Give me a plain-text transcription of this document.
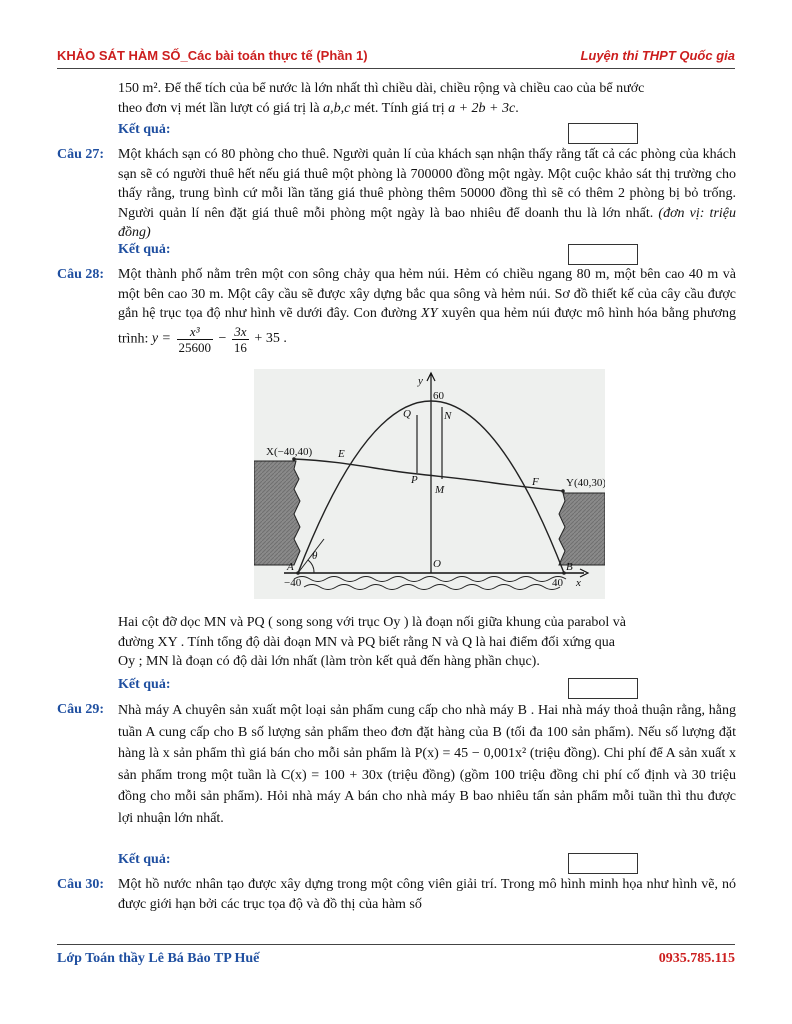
KHẢO SÁT HÀM SỐ_Các bài toán thực tế (Phần 1)	Luyện thi THPT Quốc gia
150 m². Để thể tích của bể nước là lớn nhất thì chiều dài, chiều rộng và chiều cao của bể nước
theo đơn vị mét lần lượt có giá trị là a,b,c mét. Tính giá trị a + 2b + 3c.
Kết quả:
Câu 27: Một khách sạn có 80 phòng cho thuê. Người quản lí của khách sạn nhận thấy rằng tất cả các phòng của khách sạn sẽ có người thuê hết nếu giá thuê một phòng là 700000 đồng một ngày. Một cuộc khảo sát thị trường cho thấy rằng, trung bình cứ mỗi lần tăng giá thuê phòng thêm 50000 đồng thì sẽ có thêm 2 phòng bị bỏ trống. Người quản lí nên đặt giá thuê mỗi phòng một ngày là bao nhiêu để doanh thu là lớn nhất. (đơn vị: triệu đồng)
Kết quả:
Câu 28: Một thành phố nằm trên một con sông chảy qua hẻm núi. Hẻm có chiều ngang 80 m, một bên cao 40 m và một bên cao 30 m. Một cây cầu sẽ được xây dựng bắc qua sông và hẻm núi. Sơ đồ thiết kế của cây cầu được gắn hệ trục tọa độ như hình vẽ dưới đây. Con đường XY xuyên qua hẻm núi được mô hình hóa bằng phương trình: $y = \frac{\text{x³}}{25600} - \frac{3x}{16} + 35$ .
y
60
X(−40,40)
Y(40,30)
E
F
Q	N
P
M
O
A	B
θ
−40	40 x
Hai cột đỡ dọc MN và PQ ( song song với trục Oy ) là đoạn nối giữa khung của parabol và
đường XY . Tính tổng độ dài đoạn MN và PQ biết rằng N và Q là hai điểm đối xứng qua
Oy ; MN là đoạn có độ dài lớn nhất (làm tròn kết quả đến hàng phần chục).
Kết quả:
Câu 29: Nhà máy A chuyên sản xuất một loại sản phẩm cung cấp cho nhà máy B . Hai nhà máy thoả thuận rằng, hằng tuần A cung cấp cho B số lượng sản phẩm theo đơn đặt hàng của B (tối đa 100 sản phẩm). Nếu số lượng đặt hàng là x sản phẩm thì giá bán cho mỗi sản phẩm là P(x) = 45 − 0,001x² (triệu đồng). Chi phí để A sản xuất x sản phẩm trong một tuần là C(x) = 100 + 30x (triệu đồng) (gồm 100 triệu đồng chi phí cố định và 30 triệu đồng cho mỗi sản phẩm). Hỏi nhà máy A bán cho nhà máy B bao nhiêu tấn sản phẩm mỗi tuần thì thu được lợi nhuận lớn nhất.
Kết quả:
Câu 30: Một hồ nước nhân tạo được xây dựng trong một công viên giải trí. Trong mô hình minh họa như hình vẽ, nó được giới hạn bởi các trục tọa độ và đồ thị của hàm số
Lớp Toán thầy Lê Bá Bảo TP Huế	0935.785.115
